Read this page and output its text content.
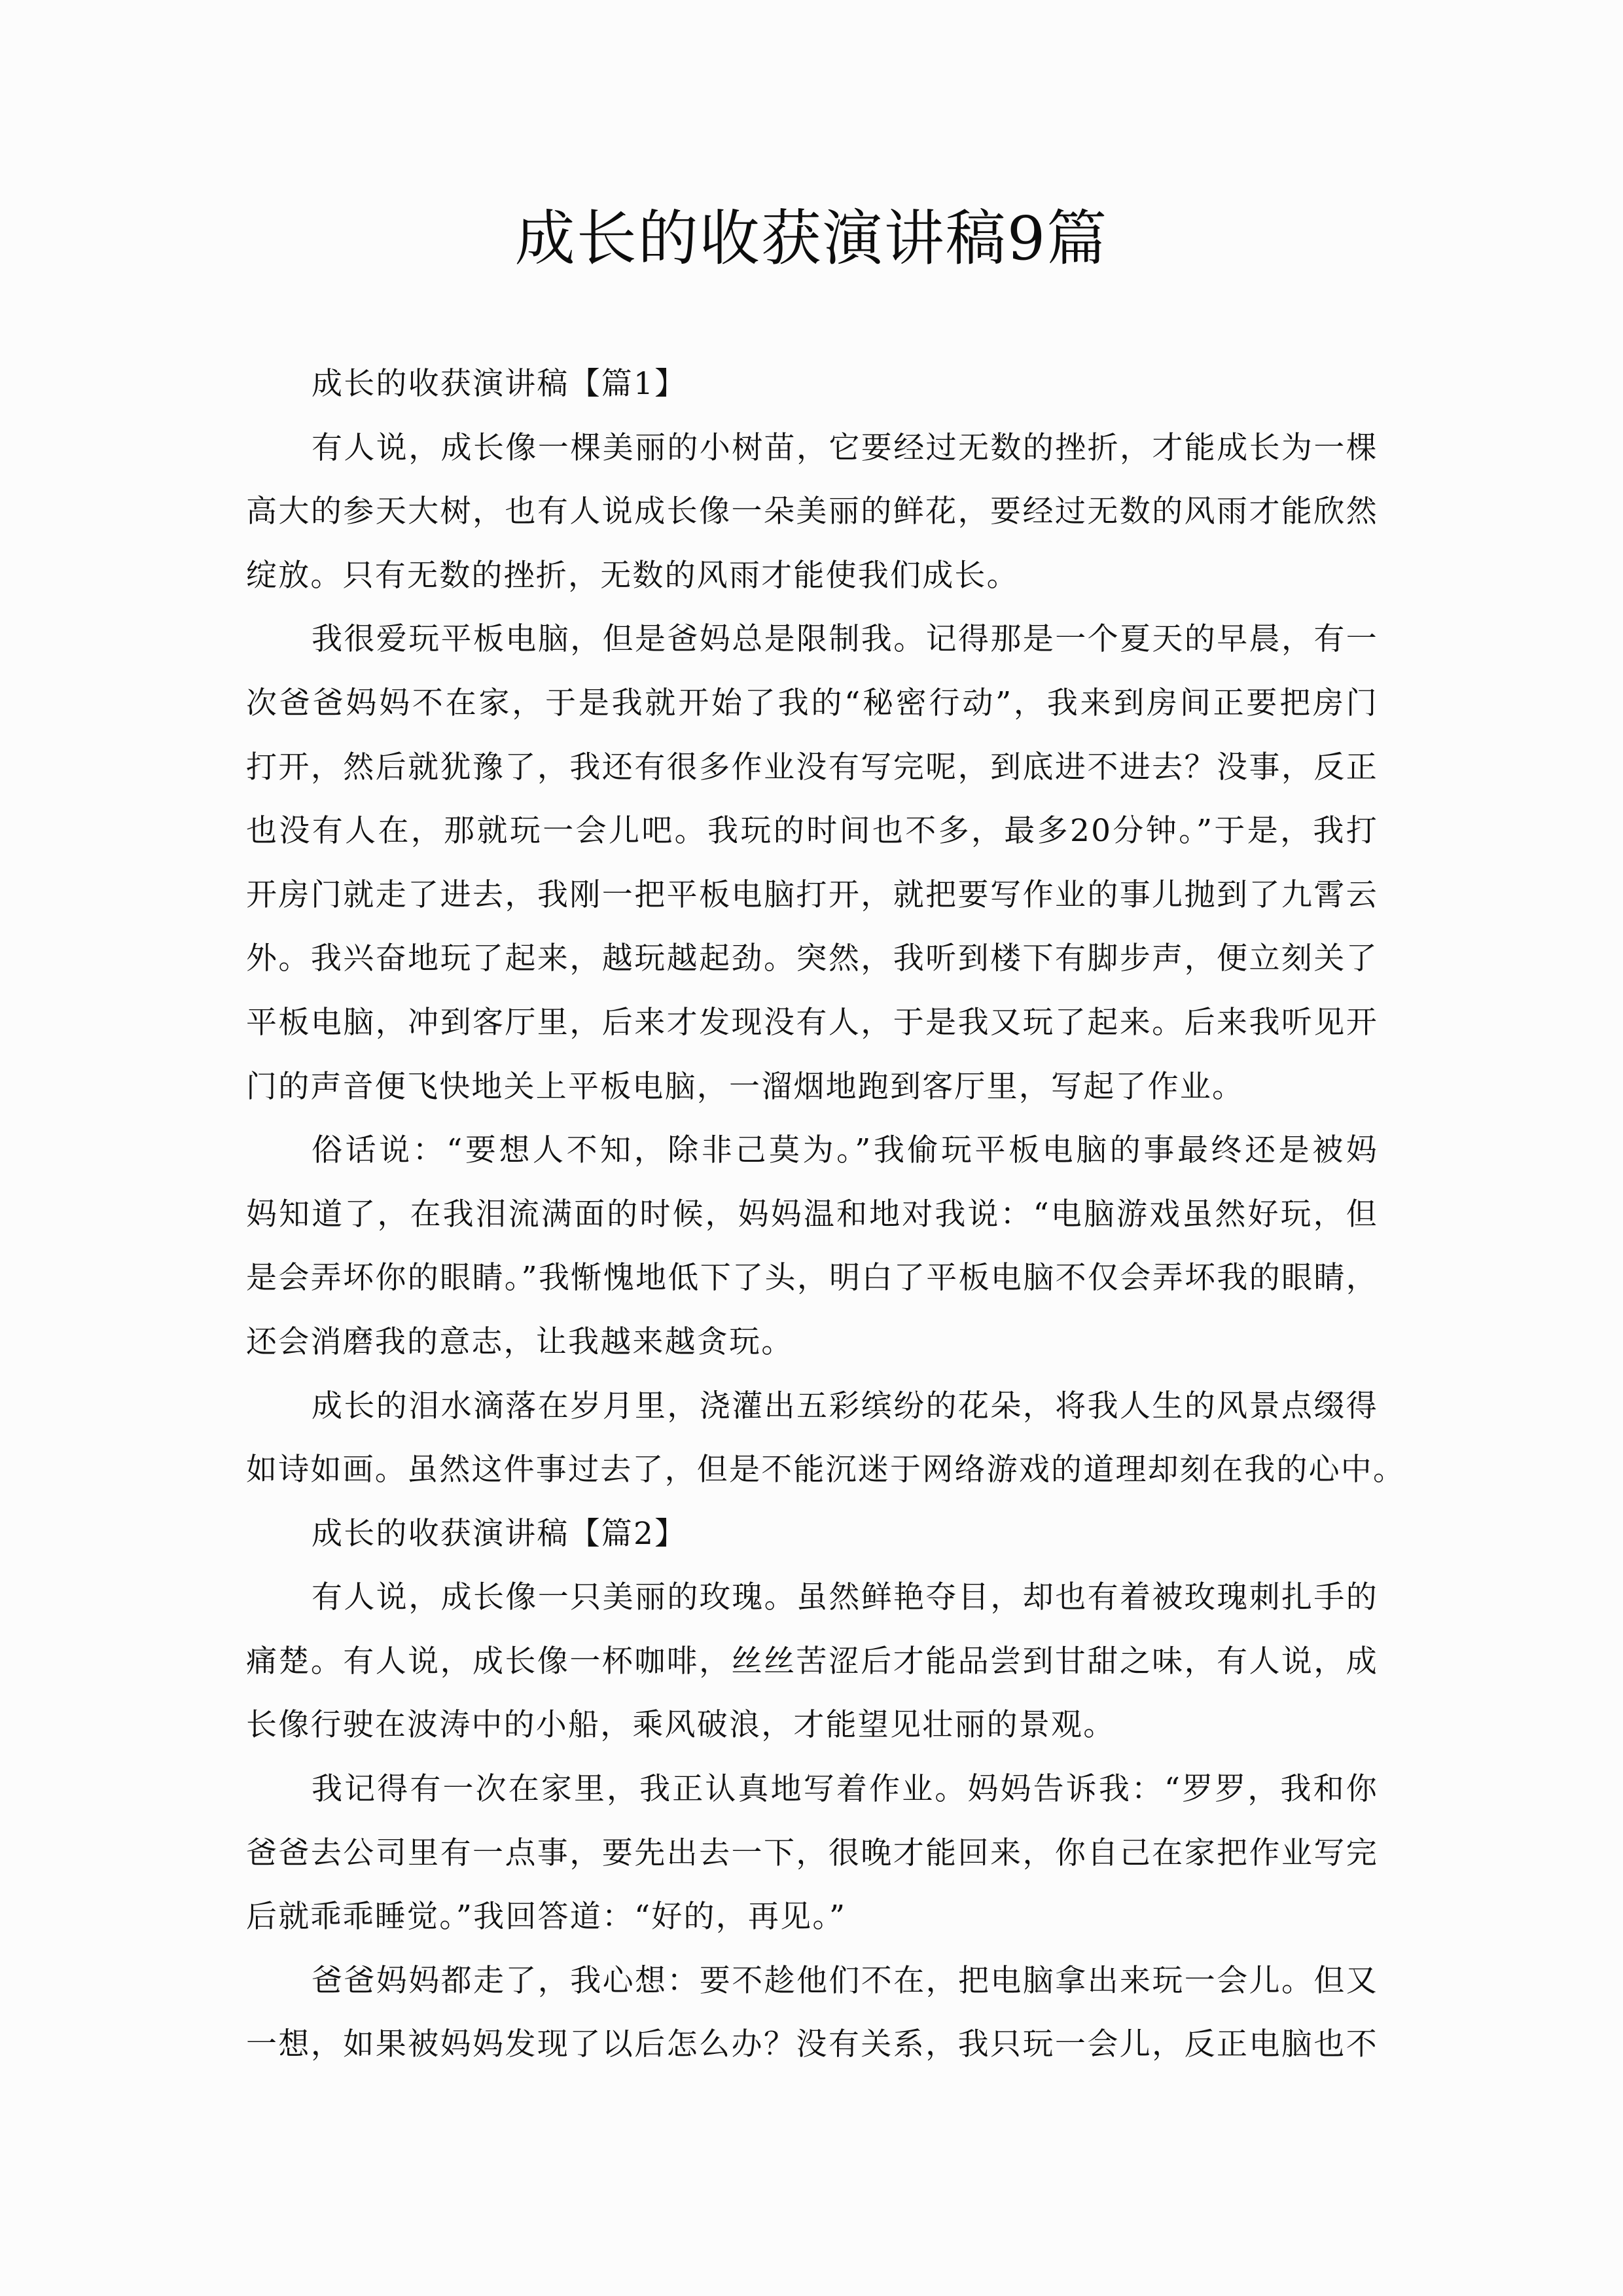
成长的收获演讲稿9篇
成长的收获演讲稿【篇1】
有人说，成长像一棵美丽的小树苗，它要经过无数的挫折，才能成长为一棵
高大的参天大树，也有人说成长像一朵美丽的鲜花，要经过无数的风雨才能欣然
绽放。只有无数的挫折，无数的风雨才能使我们成长。
我很爱玩平板电脑，但是爸妈总是限制我。记得那是一个夏天的早晨，有一
次爸爸妈妈不在家，于是我就开始了我的“秘密行动”，我来到房间正要把房门
打开，然后就犹豫了，我还有很多作业没有写完呢，到底进不进去？没事，反正
也没有人在，那就玩一会儿吧。我玩的时间也不多，最多20分钟。”于是，我打
开房门就走了进去，我刚一把平板电脑打开，就把要写作业的事儿抛到了九霄云
外。我兴奋地玩了起来，越玩越起劲。突然，我听到楼下有脚步声，便立刻关了
平板电脑，冲到客厅里，后来才发现没有人，于是我又玩了起来。后来我听见开
门的声音便飞快地关上平板电脑，一溜烟地跑到客厅里，写起了作业。
俗话说：“要想人不知，除非己莫为。”我偷玩平板电脑的事最终还是被妈
妈知道了，在我泪流满面的时候，妈妈温和地对我说：“电脑游戏虽然好玩，但
是会弄坏你的眼睛。”我惭愧地低下了头，明白了平板电脑不仅会弄坏我的眼睛，
还会消磨我的意志，让我越来越贪玩。
成长的泪水滴落在岁月里，浇灌出五彩缤纷的花朵，将我人生的风景点缀得
如诗如画。虽然这件事过去了，但是不能沉迷于网络游戏的道理却刻在我的心中。
成长的收获演讲稿【篇2】
有人说，成长像一只美丽的玫瑰。虽然鲜艳夺目，却也有着被玫瑰刺扎手的
痛楚。有人说，成长像一杯咖啡，丝丝苦涩后才能品尝到甘甜之味，有人说，成
长像行驶在波涛中的小船，乘风破浪，才能望见壮丽的景观。
我记得有一次在家里，我正认真地写着作业。妈妈告诉我：“罗罗，我和你
爸爸去公司里有一点事，要先出去一下，很晚才能回来，你自己在家把作业写完
后就乖乖睡觉。”我回答道：“好的，再见。”
爸爸妈妈都走了，我心想：要不趁他们不在，把电脑拿出来玩一会儿。但又
一想，如果被妈妈发现了以后怎么办？没有关系，我只玩一会儿，反正电脑也不
